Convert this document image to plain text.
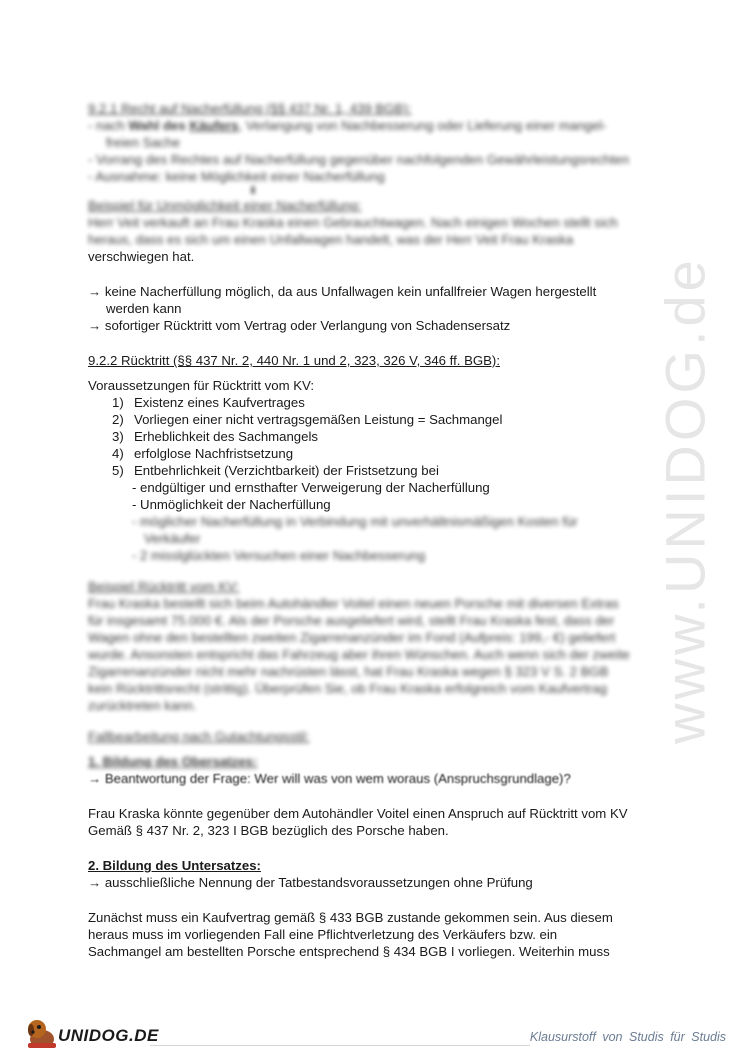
www.UNIDOG.de
9.2.1 Recht auf Nacherfüllung (§§ 437 Nr. 1, 439 BGB):
- nach Wahl des Käufers, Verlangung von Nachbesserung oder Lieferung einer mangel-
freien Sache
- Vorrang des Rechtes auf Nacherfüllung gegenüber nachfolgenden Gewährleistungsrechten
- Ausnahme: keine Möglichkeit einer Nacherfüllung
⬇
Beispiel für Unmöglichkeit einer Nacherfüllung:
Herr Veit verkauft an Frau Kraska einen Gebrauchtwagen. Nach einigen Wochen stellt sich
heraus, dass es sich um einen Unfallwagen handelt, was der Herr Veit Frau Kraska
verschwiegen hat.
→ keine Nacherfüllung möglich, da aus Unfallwagen kein unfallfreier Wagen hergestellt
werden kann
→ sofortiger Rücktritt vom Vertrag oder Verlangung von Schadensersatz
9.2.2 Rücktritt (§§ 437 Nr. 2, 440 Nr. 1 und 2, 323, 326 V, 346 ff. BGB):
Voraussetzungen für Rücktritt vom KV:
1) Existenz eines Kaufvertrages
2) Vorliegen einer nicht vertragsgemäßen Leistung = Sachmangel
3) Erheblichkeit des Sachmangels
4) erfolglose Nachfristsetzung
5) Entbehrlichkeit (Verzichtbarkeit) der Fristsetzung bei
- endgültiger und ernsthafter Verweigerung der Nacherfüllung
- Unmöglichkeit der Nacherfüllung
- möglicher Nacherfüllung in Verbindung mit unverhältnismäßigen Kosten für
Verkäufer
- 2 misslglückten Versuchen einer Nachbesserung
Beispiel Rücktritt vom KV:
Frau Kraska bestellt sich beim Autohändler Voitel einen neuen Porsche mit diversen Extras
für insgesamt 75.000 €. Als der Porsche ausgeliefert wird, stellt Frau Kraska fest, dass der
Wagen ohne den bestellten zweiten Zigarrenanzünder im Fond (Aufpreis: 199,- €) geliefert
wurde. Ansonsten entspricht das Fahrzeug aber ihren Wünschen. Auch wenn sich der zweite
Zigarrenanzünder nicht mehr nachrüsten lässt, hat Frau Kraska wegen § 323 V S. 2 BGB
kein Rücktrittsrecht (strittig). Überprüfen Sie, ob Frau Kraska erfolgreich vom Kaufvertrag
zurücktreten kann.
Fallbearbeitung nach Gutachtungsstil:
1. Bildung des Obersatzes:
→ Beantwortung der Frage: Wer will was von wem woraus (Anspruchsgrundlage)?
Frau Kraska könnte gegenüber dem Autohändler Voitel einen Anspruch auf Rücktritt vom KV
Gemäß § 437 Nr. 2, 323 I BGB bezüglich des Porsche haben.
2. Bildung des Untersatzes:
→ ausschließliche Nennung der Tatbestandsvoraussetzungen ohne Prüfung
Zunächst muss ein Kaufvertrag gemäß § 433 BGB zustande gekommen sein. Aus diesem
heraus muss im vorliegenden Fall eine Pflichtverletzung des Verkäufers bzw. ein
Sachmangel am bestellten Porsche entsprechend § 434 BGB I vorliegen. Weiterhin muss
UNIDOG.DE	Klausurstoff von Studis für Studis
